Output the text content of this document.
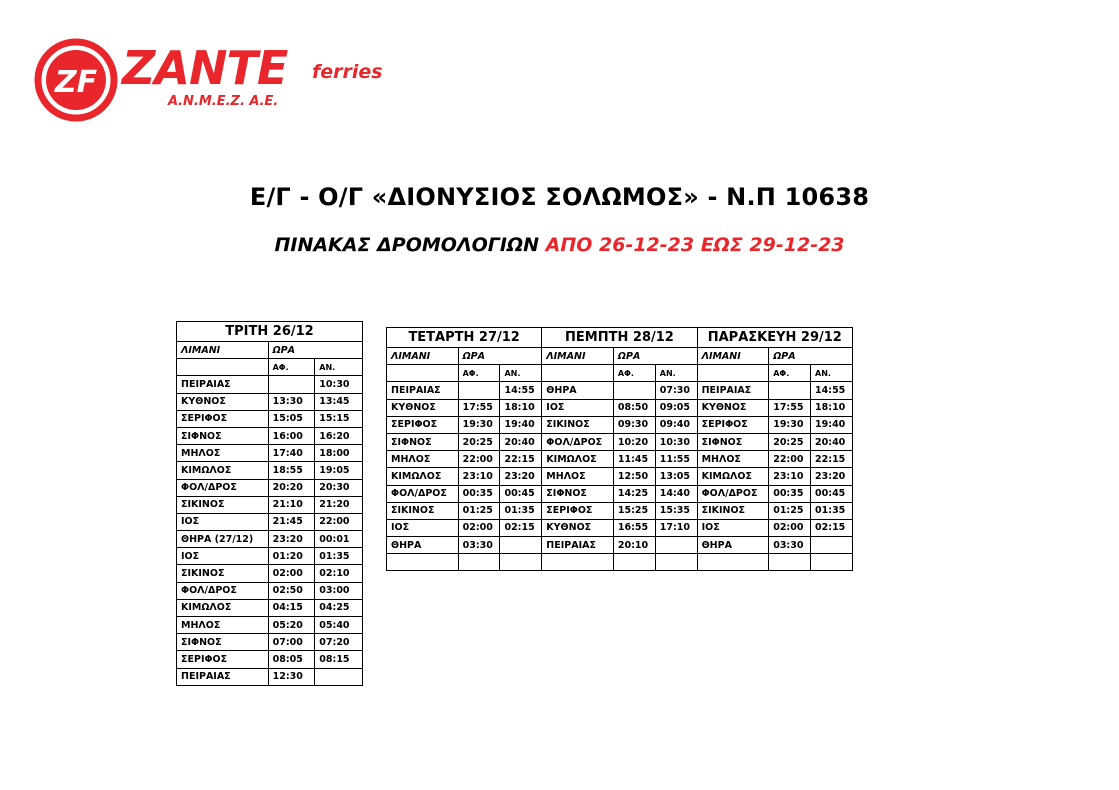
ZF ZANTE ferries
Α.Ν.Μ.Ε.Ζ. Α.Ε.
Ε/Γ - Ο/Γ «ΔΙΟΝΥΣΙΟΣ ΣΟΛΩΜΟΣ» - Ν.Π 10638
ΠΙΝΑΚΑΣ ΔΡΟΜΟΛΟΓΙΩΝ ΑΠΟ 26-12-23 ΕΩΣ 29-12-23
ΤΡΙΤΗ 26/12		
ΛΙΜΑΝΙ	ΩΡΑ	
	ΑΦ.	ΑΝ.
ΠΕΙΡΑΙΑΣ		10:30
ΚΥΘΝΟΣ	13:30	13:45
ΣΕΡΙΦΟΣ	15:05	15:15
ΣΙΦΝΟΣ	16:00	16:20
ΜΗΛΟΣ	17:40	18:00
ΚΙΜΩΛΟΣ	18:55	19:05
ΦΟΛ/ΔΡΟΣ	20:20	20:30
ΣΙΚΙΝΟΣ	21:10	21:20
ΙΟΣ	21:45	22:00
ΘΗΡΑ (27/12)	23:20	00:01
ΙΟΣ	01:20	01:35
ΣΙΚΙΝΟΣ	02:00	02:10
ΦΟΛ/ΔΡΟΣ	02:50	03:00
ΚΙΜΩΛΟΣ	04:15	04:25
ΜΗΛΟΣ	05:20	05:40
ΣΙΦΝΟΣ	07:00	07:20
ΣΕΡΙΦΟΣ	08:05	08:15
ΠΕΙΡΑΙΑΣ	12:30	
ΤΕΤΑΡΤΗ 27/12			ΠΕΜΠΤΗ 28/12			ΠΑΡΑΣΚΕΥΗ 29/12		
ΛΙΜΑΝΙ	ΩΡΑ		ΛΙΜΑΝΙ	ΩΡΑ		ΛΙΜΑΝΙ	ΩΡΑ	
	ΑΦ.	ΑΝ.		ΑΦ.	ΑΝ.		ΑΦ.	ΑΝ.
ΠΕΙΡΑΙΑΣ		14:55	ΘΗΡΑ		07:30	ΠΕΙΡΑΙΑΣ		14:55
ΚΥΘΝΟΣ	17:55	18:10	ΙΟΣ	08:50	09:05	ΚΥΘΝΟΣ	17:55	18:10
ΣΕΡΙΦΟΣ	19:30	19:40	ΣΙΚΙΝΟΣ	09:30	09:40	ΣΕΡΙΦΟΣ	19:30	19:40
ΣΙΦΝΟΣ	20:25	20:40	ΦΟΛ/ΔΡΟΣ	10:20	10:30	ΣΙΦΝΟΣ	20:25	20:40
ΜΗΛΟΣ	22:00	22:15	ΚΙΜΩΛΟΣ	11:45	11:55	ΜΗΛΟΣ	22:00	22:15
ΚΙΜΩΛΟΣ	23:10	23:20	ΜΗΛΟΣ	12:50	13:05	ΚΙΜΩΛΟΣ	23:10	23:20
ΦΟΛ/ΔΡΟΣ	00:35	00:45	ΣΙΦΝΟΣ	14:25	14:40	ΦΟΛ/ΔΡΟΣ	00:35	00:45
ΣΙΚΙΝΟΣ	01:25	01:35	ΣΕΡΙΦΟΣ	15:25	15:35	ΣΙΚΙΝΟΣ	01:25	01:35
ΙΟΣ	02:00	02:15	ΚΥΘΝΟΣ	16:55	17:10	ΙΟΣ	02:00	02:15
ΘΗΡΑ	03:30		ΠΕΙΡΑΙΑΣ	20:10		ΘΗΡΑ	03:30	
